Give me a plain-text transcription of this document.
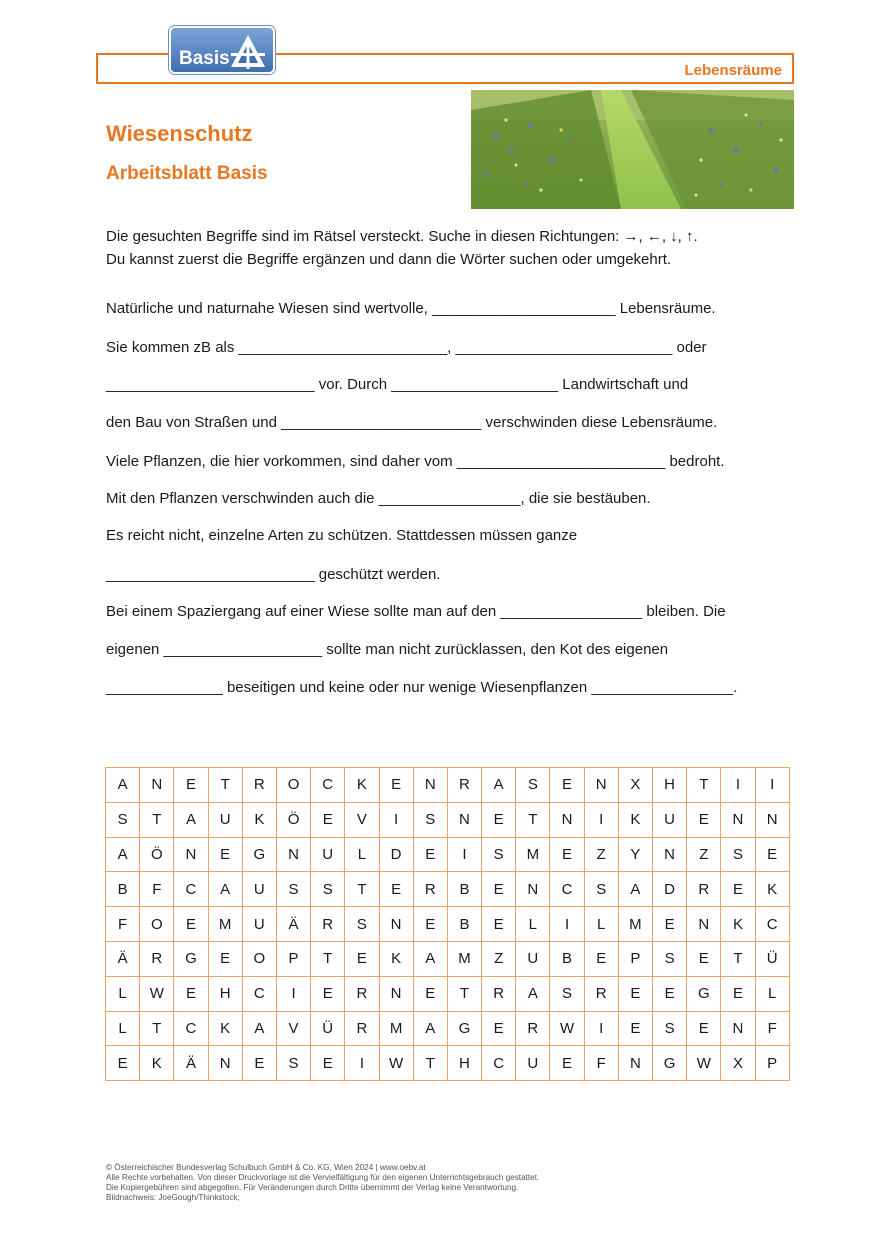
Basis
Lebensräume
Wiesenschutz
Arbeitsblatt Basis
Die gesuchten Begriffe sind im Rätsel versteckt. Suche in diesen Richtungen: →, ←, ↓, ↑.
Du kannst zuerst die Begriffe ergänzen und dann die Wörter suchen oder umgekehrt.
Natürliche und naturnahe Wiesen sind wertvolle, ______________________ Lebensräume.
Sie kommen zB als _________________________, __________________________ oder
_________________________ vor. Durch ____________________ Landwirtschaft und
den Bau von Straßen und ________________________ verschwinden diese Lebensräume.
Viele Pflanzen, die hier vorkommen, sind daher vom _________________________ bedroht.
Mit den Pflanzen verschwinden auch die _________________, die sie bestäuben.
Es reicht nicht, einzelne Arten zu schützen. Stattdessen müssen ganze
_________________________ geschützt werden.
Bei einem Spaziergang auf einer Wiese sollte man auf den _________________ bleiben. Die
eigenen ___________________ sollte man nicht zurücklassen, den Kot des eigenen
______________ beseitigen und keine oder nur wenige Wiesenpflanzen _________________.
A	N	E	T	R	O	C	K	E	N	R	A	S	E	N	X	H	T	I	I
S	T	A	U	K	Ö	E	V	I	S	N	E	T	N	I	K	U	E	N	N
A	Ö	N	E	G	N	U	L	D	E	I	S	M	E	Z	Y	N	Z	S	E
B	F	C	A	U	S	S	T	E	R	B	E	N	C	S	A	D	R	E	K
F	O	E	M	U	Ä	R	S	N	E	B	E	L	I	L	M	E	N	K	C
Ä	R	G	E	O	P	T	E	K	A	M	Z	U	B	E	P	S	E	T	Ü
L	W	E	H	C	I	E	R	N	E	T	R	A	S	R	E	E	G	E	L
L	T	C	K	A	V	Ü	R	M	A	G	E	R	W	I	E	S	E	N	F
E	K	Ä	N	E	S	E	I	W	T	H	C	U	E	F	N	G	W	X	P
© Österreichischer Bundesverlag Schulbuch GmbH & Co. KG, Wien 2024 | www.oebv.at
Alle Rechte vorbehalten. Von dieser Druckvorlage ist die Vervielfältigung für den eigenen Unterrichtsgebrauch gestattet.
Die Kopiergebühren sind abgegolten. Für Veränderungen durch Dritte übernimmt der Verlag keine Verantwortung.
Bildnachweis: JoeGough/Thinkstock;
